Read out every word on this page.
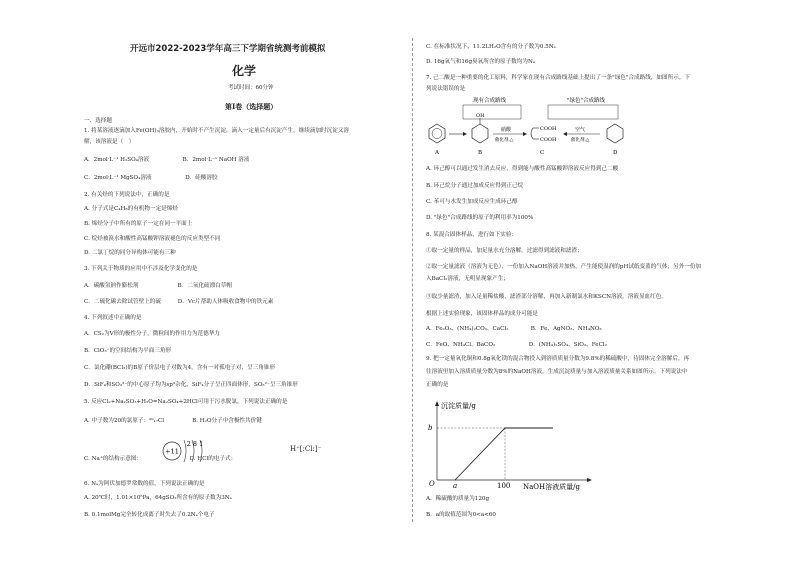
开远市2022-2023学年高三下学期省统测考前模拟
化学
考试时间：60分钟
第Ⅰ卷（选择题）
一、选择题
1. 将某溶液逐滴加入Fe(OH)₃溶胶内，开始时不产生沉淀，滴入一定量后有沉淀产生，继续滴加时沉淀又溶
解，该溶液是（　）
A．2mol·L⁻¹ H₂SO₄溶液　　　　　　B．2mol·L⁻¹ NaOH 溶液
C．2mol·L⁻¹ MgSO₄溶液　　　　　　D．硅酸溶胶
2. 有关烃的下列说法中，正确的是
A. 分子式是C₄H₈的有机物一定是烯烃
B. 烯烃分子中所有的原子一定在同一平面上
C. 烷烃被溴水和酸性高锰酸钾溶液褪色的反应类型不同
D. 二氯丁烷的同分异构体可能有三种
3. 下列关于物质的应用中不涉及化学变化的是
A．碳酸氢钠作膨松剂　　　　　　　B．二氧化硫漂白草帽
C．二硫化碳去除试管壁上的硫　　　D．Vc片帮助人体吸收食物中的铁元素
4. 下列叙述中正确的是
A．CS₂为V形的极性分子，微粒间的作用力为范德华力
B．ClO₃⁻的空间结构为平面三角形
C．氯化硼(BCl₃)的B原子价层电子对数为4，含有一对孤电子对，呈三角锥形
D．SiF₄和SO₃²⁻的中心原子均为sp³杂化，SiF₄分子呈正四面体形，SO₃²⁻呈三角锥形
5. 反应Cl₂+Na₂SO₃+H₂O=Na₂SO₄+2HCl可用于污水脱氯，下列说法正确的是
A. 中子数为20的氯原子：²⁰₁₇Cl　　　　　B. H₂O分子中含极性共价键
C. Na⁺的结构示意图：　　　　　　　　　D. HCl的电子式：
6. Nₐ为阿伏加德罗常数的值，下列说法正确的是
A. 20℃时，1.01×10⁵Pa，64gSO₂所含有的原子数为3Nₐ
B. 0.1molMg完全转化成离子时失去了0.2Nₐ个电子
C. 在标准状况下，11.2LH₂O含有的分子数为0.5Nₐ
D. 16g氧气和16g臭氧所含的原子数均为Nₐ
7. 己二酸是一种重要的化工原料，科学家在现有合成路线基础上提出了一条"绿色"合成路线，如图所示。下
列说法错误的是
A. 环己醇可以通过发生消去反应，得到能与酸性高锰酸钾溶液反应得到己二酸
B. 环己烷分子通过加成反应得到正己烷
C. 苯可与水发生加成反应生成环己醇
D. "绿色"合成路线的原子的利用率为100%
8. 某混合固体样品，进行如下实验：
①取一定量的样品，加足量水充分溶解，过滤得到滤液和滤渣；
②取一定量滤液（溶液为无色），一份加入NaOH溶液并加热，产生能使湿润的pH试纸变蓝的气体；另外一份加
入BaCl₂溶液，无明显现象产生；
③取少量滤渣，加入足量稀盐酸，滤渣部分溶解，再加入新制氯水和KSCN溶液，溶液显血红色。
根据上述实验现象，该固体样品的成分可能是
A．Fe₂O₃、(NH₄)₂CO₃、CaCl₂　　　　B．Fe、AgNO₃、NH₄NO₃
C．FeO、NH₄Cl、BaCO₃　　　　　　D．(NH₄)₂SO₄、SiO₂、FeCl₂
9. 把一定量氧化铜和0.8g氧化镁的混合物投入到溶质质量分数为9.8%的稀硫酸中，待固体完全溶解后，再
往溶液里加入溶质质量分数为8%的NaOH溶液，生成沉淀质量与加入溶液质量关系如图所示。下列说法中
正确的是
A．稀硫酸的质量为120g
B．a的取值范围为0<a<60
+11
2 8 1
H⁺[:Cl:]⁻
现有合成路线	"绿色"合成路线
OH
硝酸
催化剂,△
COOH
COOH
空气
催化剂,△
A	B	C	D
沉淀质量/g
NaOH溶液质量/g
O	a	100
b
